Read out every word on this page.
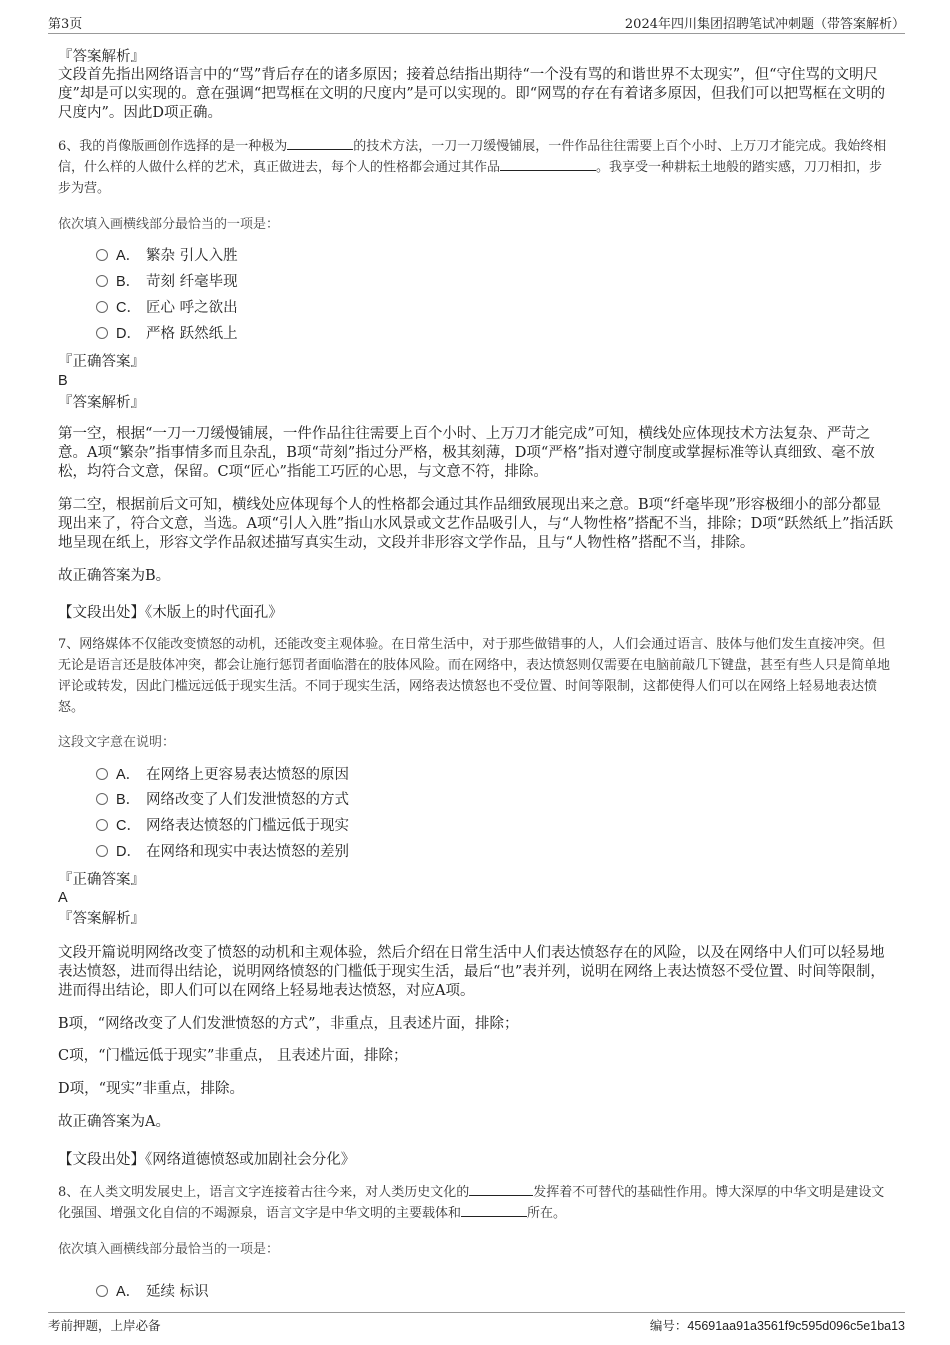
第3页	2024年四川集团招聘笔试冲刺题（带答案解析）
『答案解析』
文段首先指出网络语言中的“骂”背后存在的诸多原因；接着总结指出期待“一个没有骂的和谐世界不太现实”，但“守住骂的文明尺度”却是可以实现的。意在强调“把骂框在文明的尺度内”是可以实现的。即“网骂的存在有着诸多原因，但我们可以把骂框在文明的尺度内”。因此D项正确。
6、我的肖像版画创作选择的是一种极为	的技术方法，一刀一刀缓慢铺展，一件作品往往需要上百个小时、上万刀才能完成。我始终相信，什么样的人做什么样的艺术，真正做进去，每个人的性格都会通过其作品	。我享受一种耕耘土地般的踏实感，刀刀相扣，步步为营。
依次填入画横线部分最恰当的一项是：
A． 繁杂 引人入胜
B． 苛刻 纤毫毕现
C． 匠心 呼之欲出
D． 严格 跃然纸上
『正确答案』
B
『答案解析』
第一空，根据“一刀一刀缓慢铺展，一件作品往往需要上百个小时、上万刀才能完成”可知，横线处应体现技术方法复杂、严苛之意。A项“繁杂”指事情多而且杂乱，B项“苛刻”指过分严格，极其刻薄，D项“严格”指对遵守制度或掌握标准等认真细致、毫不放松，均符合文意，保留。C项“匠心”指能工巧匠的心思，与文意不符，排除。
第二空，根据前后文可知，横线处应体现每个人的性格都会通过其作品细致展现出来之意。B项“纤毫毕现”形容极细小的部分都显现出来了，符合文意，当选。A项“引人入胜”指山水风景或文艺作品吸引人，与“人物性格”搭配不当，排除；D项“跃然纸上”指活跃地呈现在纸上，形容文学作品叙述描写真实生动，文段并非形容文学作品，且与“人物性格”搭配不当，排除。
故正确答案为B。
【文段出处】《木版上的时代面孔》
7、网络媒体不仅能改变愤怒的动机，还能改变主观体验。在日常生活中，对于那些做错事的人，人们会通过语言、肢体与他们发生直接冲突。但无论是语言还是肢体冲突，都会让施行惩罚者面临潜在的肢体风险。而在网络中，表达愤怒则仅需要在电脑前敲几下键盘，甚至有些人只是简单地评论或转发，因此门槛远远低于现实生活。不同于现实生活，网络表达愤怒也不受位置、时间等限制，这都使得人们可以在网络上轻易地表达愤怒。
这段文字意在说明：
A． 在网络上更容易表达愤怒的原因
B． 网络改变了人们发泄愤怒的方式
C． 网络表达愤怒的门槛远低于现实
D． 在网络和现实中表达愤怒的差别
『正确答案』
A
『答案解析』
文段开篇说明网络改变了愤怒的动机和主观体验，然后介绍在日常生活中人们表达愤怒存在的风险，以及在网络中人们可以轻易地表达愤怒，进而得出结论，说明网络愤怒的门槛低于现实生活，最后“也”表并列，说明在网络上表达愤怒不受位置、时间等限制，进而得出结论，即人们可以在网络上轻易地表达愤怒，对应A项。
B项，“网络改变了人们发泄愤怒的方式”，非重点，且表述片面，排除；
C项，“门槛远低于现实”非重点， 且表述片面，排除；
D项，“现实”非重点，排除。
故正确答案为A。
【文段出处】《网络道德愤怒或加剧社会分化》
8、在人类文明发展史上，语言文字连接着古往今来，对人类历史文化的	发挥着不可替代的基础性作用。博大深厚的中华文明是建设文化强国、增强文化自信的不竭源泉，语言文字是中华文明的主要载体和	所在。
依次填入画横线部分最恰当的一项是：
A． 延续 标识
考前押题，上岸必备	编号：45691aa91a3561f9c595d096c5e1ba13
